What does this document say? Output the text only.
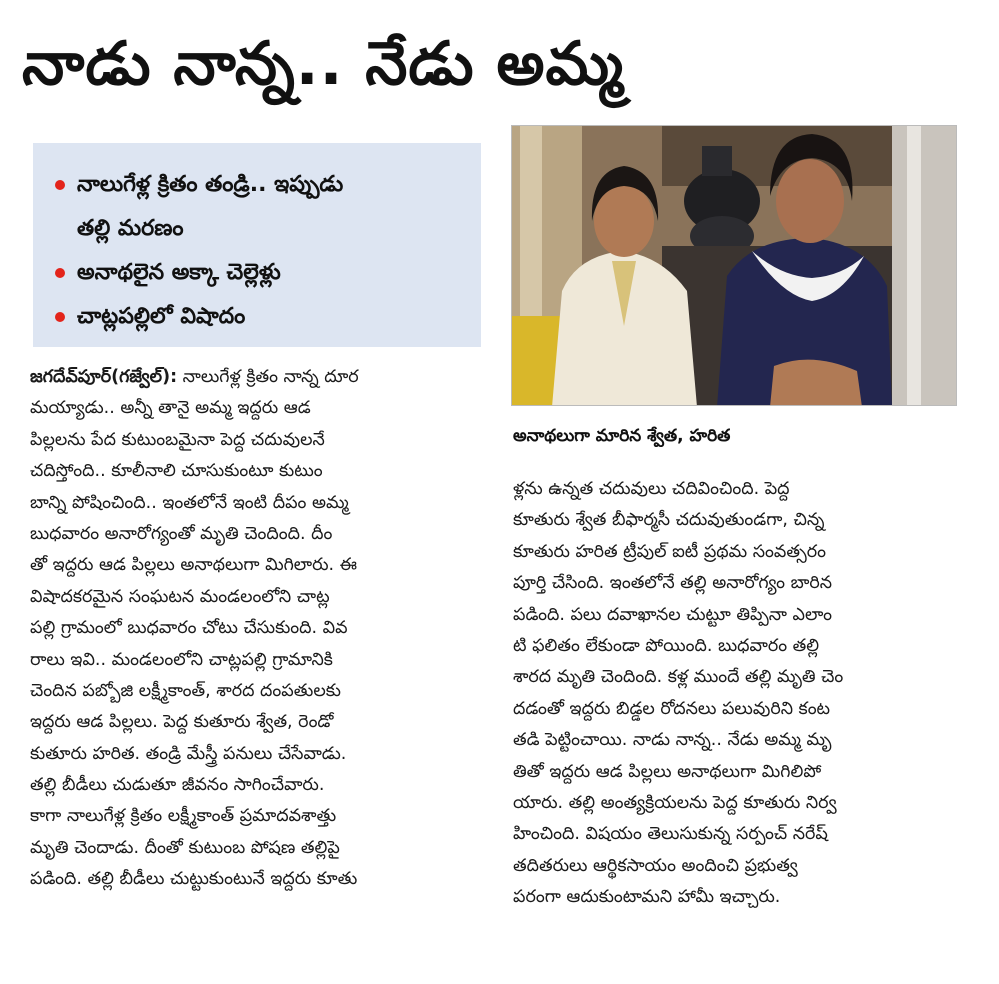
నాడు నాన్న.. నేడు అమ్మ
నాలుగేళ్ల క్రితం తండ్రి.. ఇప్పుడు
తల్లి మరణం
అనాథలైన అక్కా చెల్లెళ్లు
చాట్లపల్లిలో విషాదం
అనాథలుగా మారిన శ్వేత, హరిత
జగదేవ్‌పూర్(గజ్వేల్): నాలుగేళ్ల క్రితం నాన్న దూర
మయ్యాడు.. అన్నీ తానై అమ్మ ఇద్దరు ఆడ
పిల్లలను పేద కుటుంబమైనా పెద్ద చదువులనే
చదిస్తోంది.. కూలీనాలి చూసుకుంటూ కుటుం
బాన్ని పోషించింది.. ఇంతలోనే ఇంటి దీపం అమ్మ
బుధవారం అనారోగ్యంతో మృతి చెందింది. దీం
తో ఇద్దరు ఆడ పిల్లలు అనాథలుగా మిగిలారు. ఈ
విషాదకరమైన సంఘటన మండలంలోని చాట్ల
పల్లి గ్రామంలో బుధవారం చోటు చేసుకుంది. వివ
రాలు ఇవి.. మండలంలోని చాట్లపల్లి గ్రామానికి
చెందిన పబ్బోజి లక్ష్మీకాంత్, శారద దంపతులకు
ఇద్దరు ఆడ పిల్లలు. పెద్ద కుతూరు శ్వేత, రెండో
కుతూరు హరిత. తండ్రి మేస్త్రీ పనులు చేసేవాడు.
తల్లి బీడీలు చుడుతూ జీవనం సాగించేవారు.
కాగా నాలుగేళ్ల క్రితం లక్ష్మీకాంత్ ప్రమాదవశాత్తు
మృతి చెందాడు. దీంతో కుటుంబ పోషణ తల్లిపై
పడింది. తల్లి బీడీలు చుట్టుకుంటునే ఇద్దరు కూతు
ళ్లను ఉన్నత చదువులు చదివించింది. పెద్ద
కూతురు శ్వేత బీఫార్మసీ చదువుతుండగా, చిన్న
కూతురు హరిత ట్రీపుల్ ఐటీ ప్రథమ సంవత్సరం
పూర్తి చేసింది. ఇంతలోనే తల్లి అనారోగ్యం బారిన
పడింది. పలు దవాఖానల చుట్టూ తిప్పినా ఎలాం
టి ఫలితం లేకుండా పోయింది. బుధవారం తల్లి
శారద మృతి చెందింది. కళ్ల ముందే తల్లి మృతి చెం
దడంతో ఇద్దరు బిడ్డల రోదనలు పలువురిని కంట
తడి పెట్టించాయి. నాడు నాన్న.. నేడు అమ్మ మృ
తితో ఇద్దరు ఆడ పిల్లలు అనాథలుగా మిగిలిపో
యారు. తల్లి అంత్యక్రియలను పెద్ద కూతురు నిర్వ
హించింది. విషయం తెలుసుకున్న సర్పంచ్ నరేష్
తదితరులు ఆర్థికసాయం అందించి ప్రభుత్వ
పరంగా ఆదుకుంటామని హామీ ఇచ్చారు.
